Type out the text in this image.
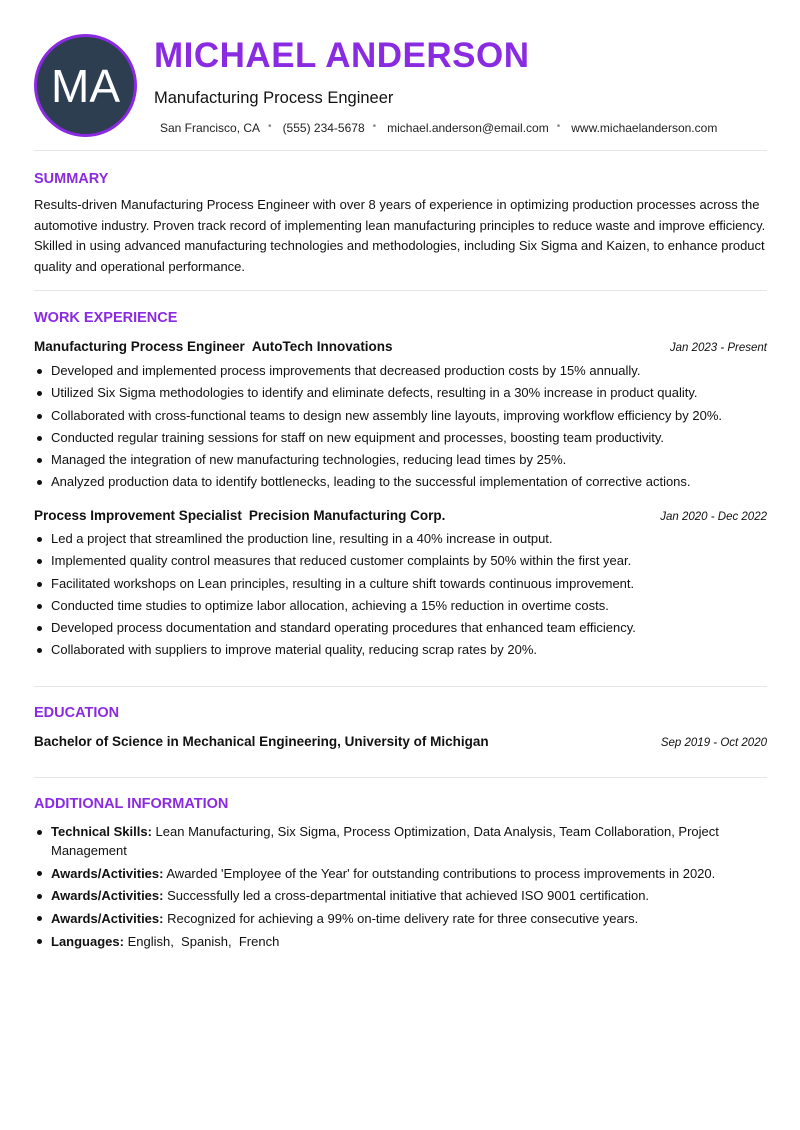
MA
MICHAEL ANDERSON
Manufacturing Process Engineer
San Francisco, CA • (555) 234-5678 • michael.anderson@email.com • www.michaelanderson.com
SUMMARY
Results-driven Manufacturing Process Engineer with over 8 years of experience in optimizing production processes across the automotive industry. Proven track record of implementing lean manufacturing principles to reduce waste and improve efficiency. Skilled in using advanced manufacturing technologies and methodologies, including Six Sigma and Kaizen, to enhance product quality and operational performance.
WORK EXPERIENCE
Manufacturing Process Engineer AutoTech Innovations	Jan 2023 - Present
Developed and implemented process improvements that decreased production costs by 15% annually.
Utilized Six Sigma methodologies to identify and eliminate defects, resulting in a 30% increase in product quality.
Collaborated with cross-functional teams to design new assembly line layouts, improving workflow efficiency by 20%.
Conducted regular training sessions for staff on new equipment and processes, boosting team productivity.
Managed the integration of new manufacturing technologies, reducing lead times by 25%.
Analyzed production data to identify bottlenecks, leading to the successful implementation of corrective actions.
Process Improvement Specialist Precision Manufacturing Corp.	Jan 2020 - Dec 2022
Led a project that streamlined the production line, resulting in a 40% increase in output.
Implemented quality control measures that reduced customer complaints by 50% within the first year.
Facilitated workshops on Lean principles, resulting in a culture shift towards continuous improvement.
Conducted time studies to optimize labor allocation, achieving a 15% reduction in overtime costs.
Developed process documentation and standard operating procedures that enhanced team efficiency.
Collaborated with suppliers to improve material quality, reducing scrap rates by 20%.
EDUCATION
Bachelor of Science in Mechanical Engineering, University of Michigan	Sep 2019 - Oct 2020
ADDITIONAL INFORMATION
Technical Skills: Lean Manufacturing, Six Sigma, Process Optimization, Data Analysis, Team Collaboration, Project Management
Awards/Activities: Awarded 'Employee of the Year' for outstanding contributions to process improvements in 2020.
Awards/Activities: Successfully led a cross-departmental initiative that achieved ISO 9001 certification.
Awards/Activities: Recognized for achieving a 99% on-time delivery rate for three consecutive years.
Languages: English,  Spanish,  French
